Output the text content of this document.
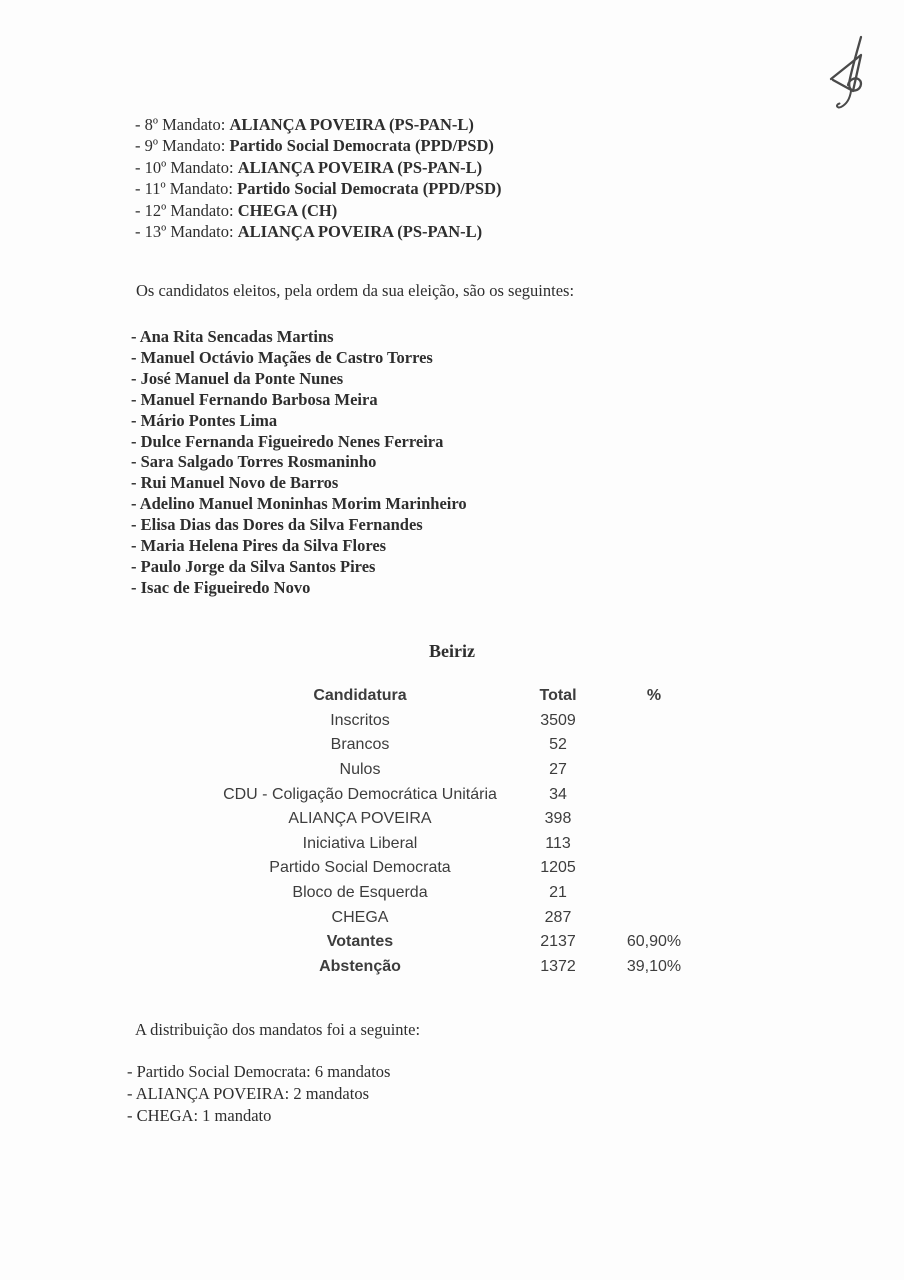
- 8º Mandato: ALIANÇA POVEIRA (PS-PAN-L)
- 9º Mandato: Partido Social Democrata (PPD/PSD)
- 10º Mandato: ALIANÇA POVEIRA (PS-PAN-L)
- 11º Mandato: Partido Social Democrata (PPD/PSD)
- 12º Mandato: CHEGA (CH)
- 13º Mandato: ALIANÇA POVEIRA (PS-PAN-L)
Os candidatos eleitos, pela ordem da sua eleição, são os seguintes:
- Ana Rita Sencadas Martins
- Manuel Octávio Maçães de Castro Torres
- José Manuel da Ponte Nunes
- Manuel Fernando Barbosa Meira
- Mário Pontes Lima
- Dulce Fernanda Figueiredo Nenes Ferreira
- Sara Salgado Torres Rosmaninho
- Rui Manuel Novo de Barros
- Adelino Manuel Moninhas Morim Marinheiro
- Elisa Dias das Dores da Silva Fernandes
- Maria Helena Pires da Silva Flores
- Paulo Jorge da Silva Santos Pires
- Isac de Figueiredo Novo
Beiriz
Candidatura	Total	%
Inscritos	3509
Brancos	52
Nulos	27
CDU - Coligação Democrática Unitária	34
ALIANÇA POVEIRA	398
Iniciativa Liberal	113
Partido Social Democrata	1205
Bloco de Esquerda	21
CHEGA	287
Votantes	2137	60,90%
Abstenção	1372	39,10%
A distribuição dos mandatos foi a seguinte:
- Partido Social Democrata: 6 mandatos
- ALIANÇA POVEIRA: 2 mandatos
- CHEGA: 1 mandato
